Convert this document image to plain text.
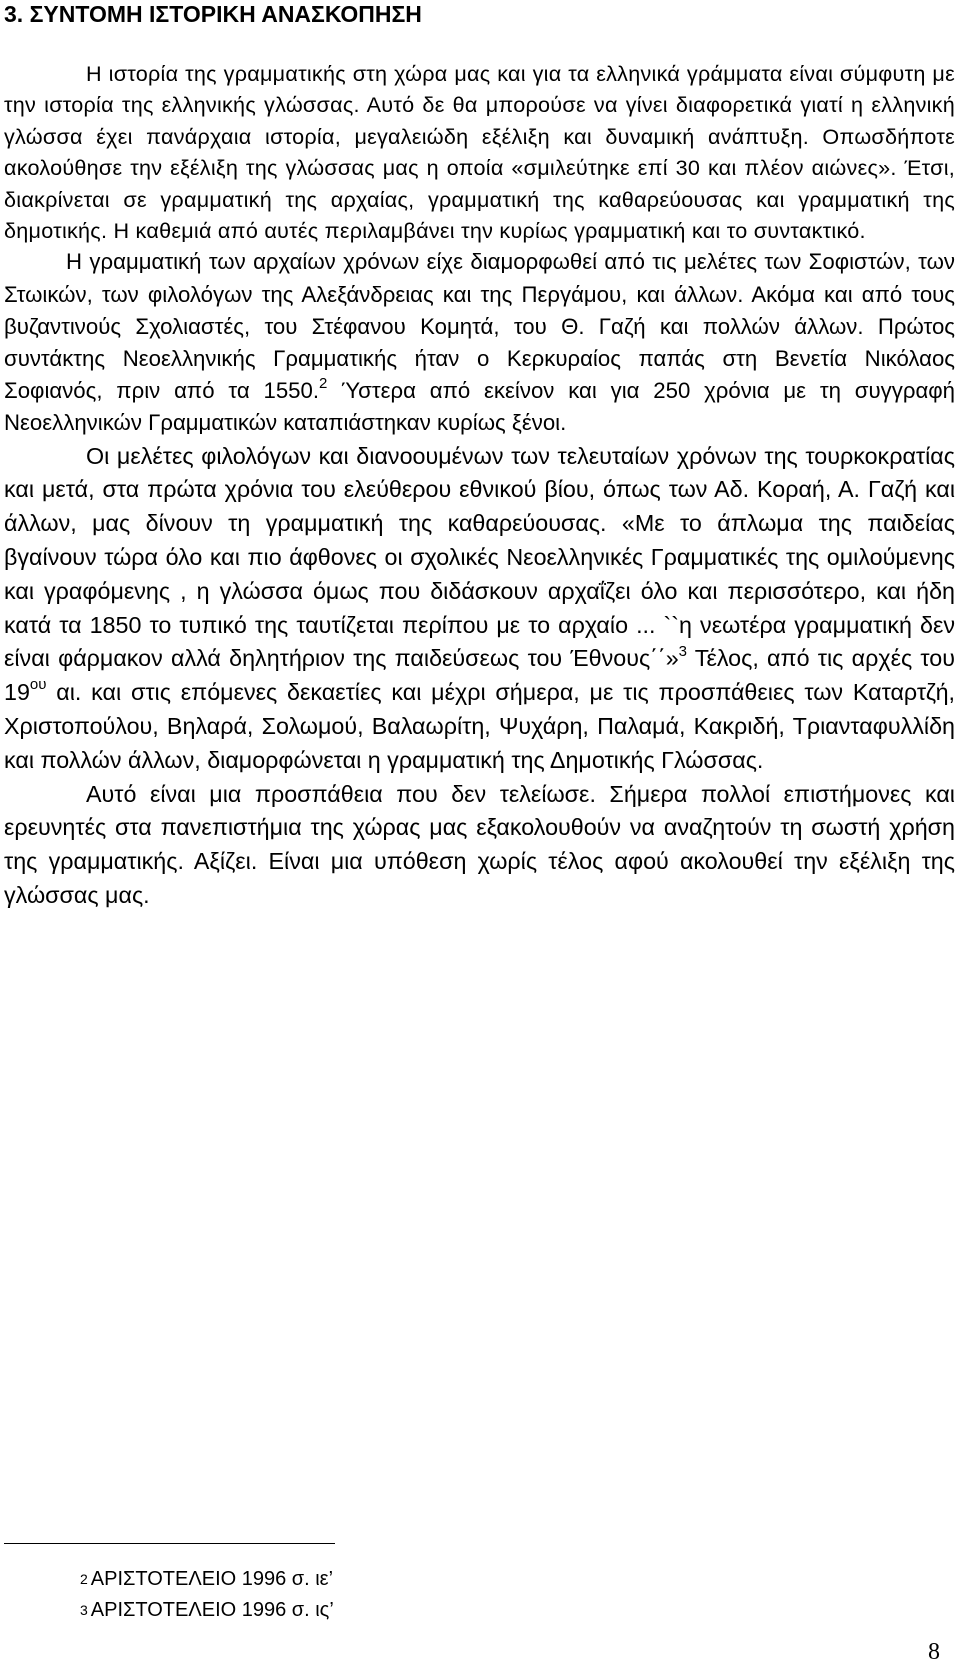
3. ΣΥΝΤΟΜΗ ΙΣΤΟΡΙΚΗ ΑΝΑΣΚΟΠΗΣΗ

Η ιστορία της γραμματικής στη χώρα μας και για τα ελληνικά γράμματα είναι σύμφυτη με την ιστορία της ελληνικής γλώσσας. Αυτό δε θα μπορούσε να γίνει διαφορετικά γιατί η ελληνική γλώσσα έχει πανάρχαια ιστορία, μεγαλειώδη εξέλιξη και δυναμική ανάπτυξη. Οπωσδήποτε ακολούθησε την εξέλιξη της γλώσσας μας η οποία «σμιλεύτηκε επί 30 και πλέον αιώνες». Έτσι, διακρίνεται σε γραμματική της αρχαίας, γραμματική της καθαρεύουσας και γραμματική της δημοτικής. Η καθεμιά από αυτές περιλαμβάνει την κυρίως γραμματική και το συντακτικό.

Η γραμματική των αρχαίων χρόνων είχε διαμορφωθεί από τις μελέτες των Σοφιστών, των Στωικών, των φιλολόγων της Αλεξάνδρειας και της Περγάμου, και άλλων. Ακόμα και από τους βυζαντινούς Σχολιαστές, του Στέφανου Κομητά, του Θ. Γαζή και πολλών άλλων. Πρώτος συντάκτης Νεοελληνικής Γραμματικής ήταν ο Κερκυραίος παπάς στη Βενετία Νικόλαος Σοφιανός, πριν από τα 1550.$^2$ Ύστερα από εκείνον και για 250 χρόνια με τη συγγραφή Νεοελληνικών Γραμματικών καταπιάστηκαν κυρίως ξένοι.

Οι μελέτες φιλολόγων και διανοουμένων των τελευταίων χρόνων της τουρκοκρατίας και μετά, στα πρώτα χρόνια του ελεύθερου εθνικού βίου, όπως των Αδ. Κοραή, Α. Γαζή και άλλων, μας δίνουν τη γραμματική της καθαρεύουσας. «Με το άπλωμα της παιδείας βγαίνουν τώρα όλο και πιο άφθονες οι σχολικές Νεοελληνικές Γραμματικές της ομιλούμενης και γραφόμενης , η γλώσσα όμως που διδάσκουν αρχαΐζει όλο και περισσότερο, και ήδη κατά τα 1850 το τυπικό της ταυτίζεται περίπου με το αρχαίο ... ``η νεωτέρα γραμματική δεν είναι φάρμακον αλλά δηλητήριον της παιδεύσεως του Έθνους΄΄»$^3$ Τέλος, από τις αρχές του $19^{o\upsilon}$ αι. και στις επόμενες δεκαετίες και μέχρι σήμερα, με τις προσπάθειες των Καταρτζή, Χριστοπούλου, Βηλαρά, Σολωμού, Βαλαωρίτη, Ψυχάρη, Παλαμά, Κακριδή, Τριανταφυλλίδη και πολλών άλλων, διαμορφώνεται η γραμματική της Δημοτικής Γλώσσας.

Αυτό είναι μια προσπάθεια που δεν τελείωσε. Σήμερα πολλοί επιστήμονες και ερευνητές στα πανεπιστήμια της χώρας μας εξακολουθούν να αναζητούν τη σωστή χρήση της γραμματικής. Αξίζει. Είναι μια υπόθεση χωρίς τέλος αφού ακολουθεί την εξέλιξη της γλώσσας μας.

2 ΑΡΙΣΤΟΤΕΛΕΙΟ 1996 σ. ιε’
3 ΑΡΙΣΤΟΤΕΛΕΙΟ 1996 σ. ις’
8
